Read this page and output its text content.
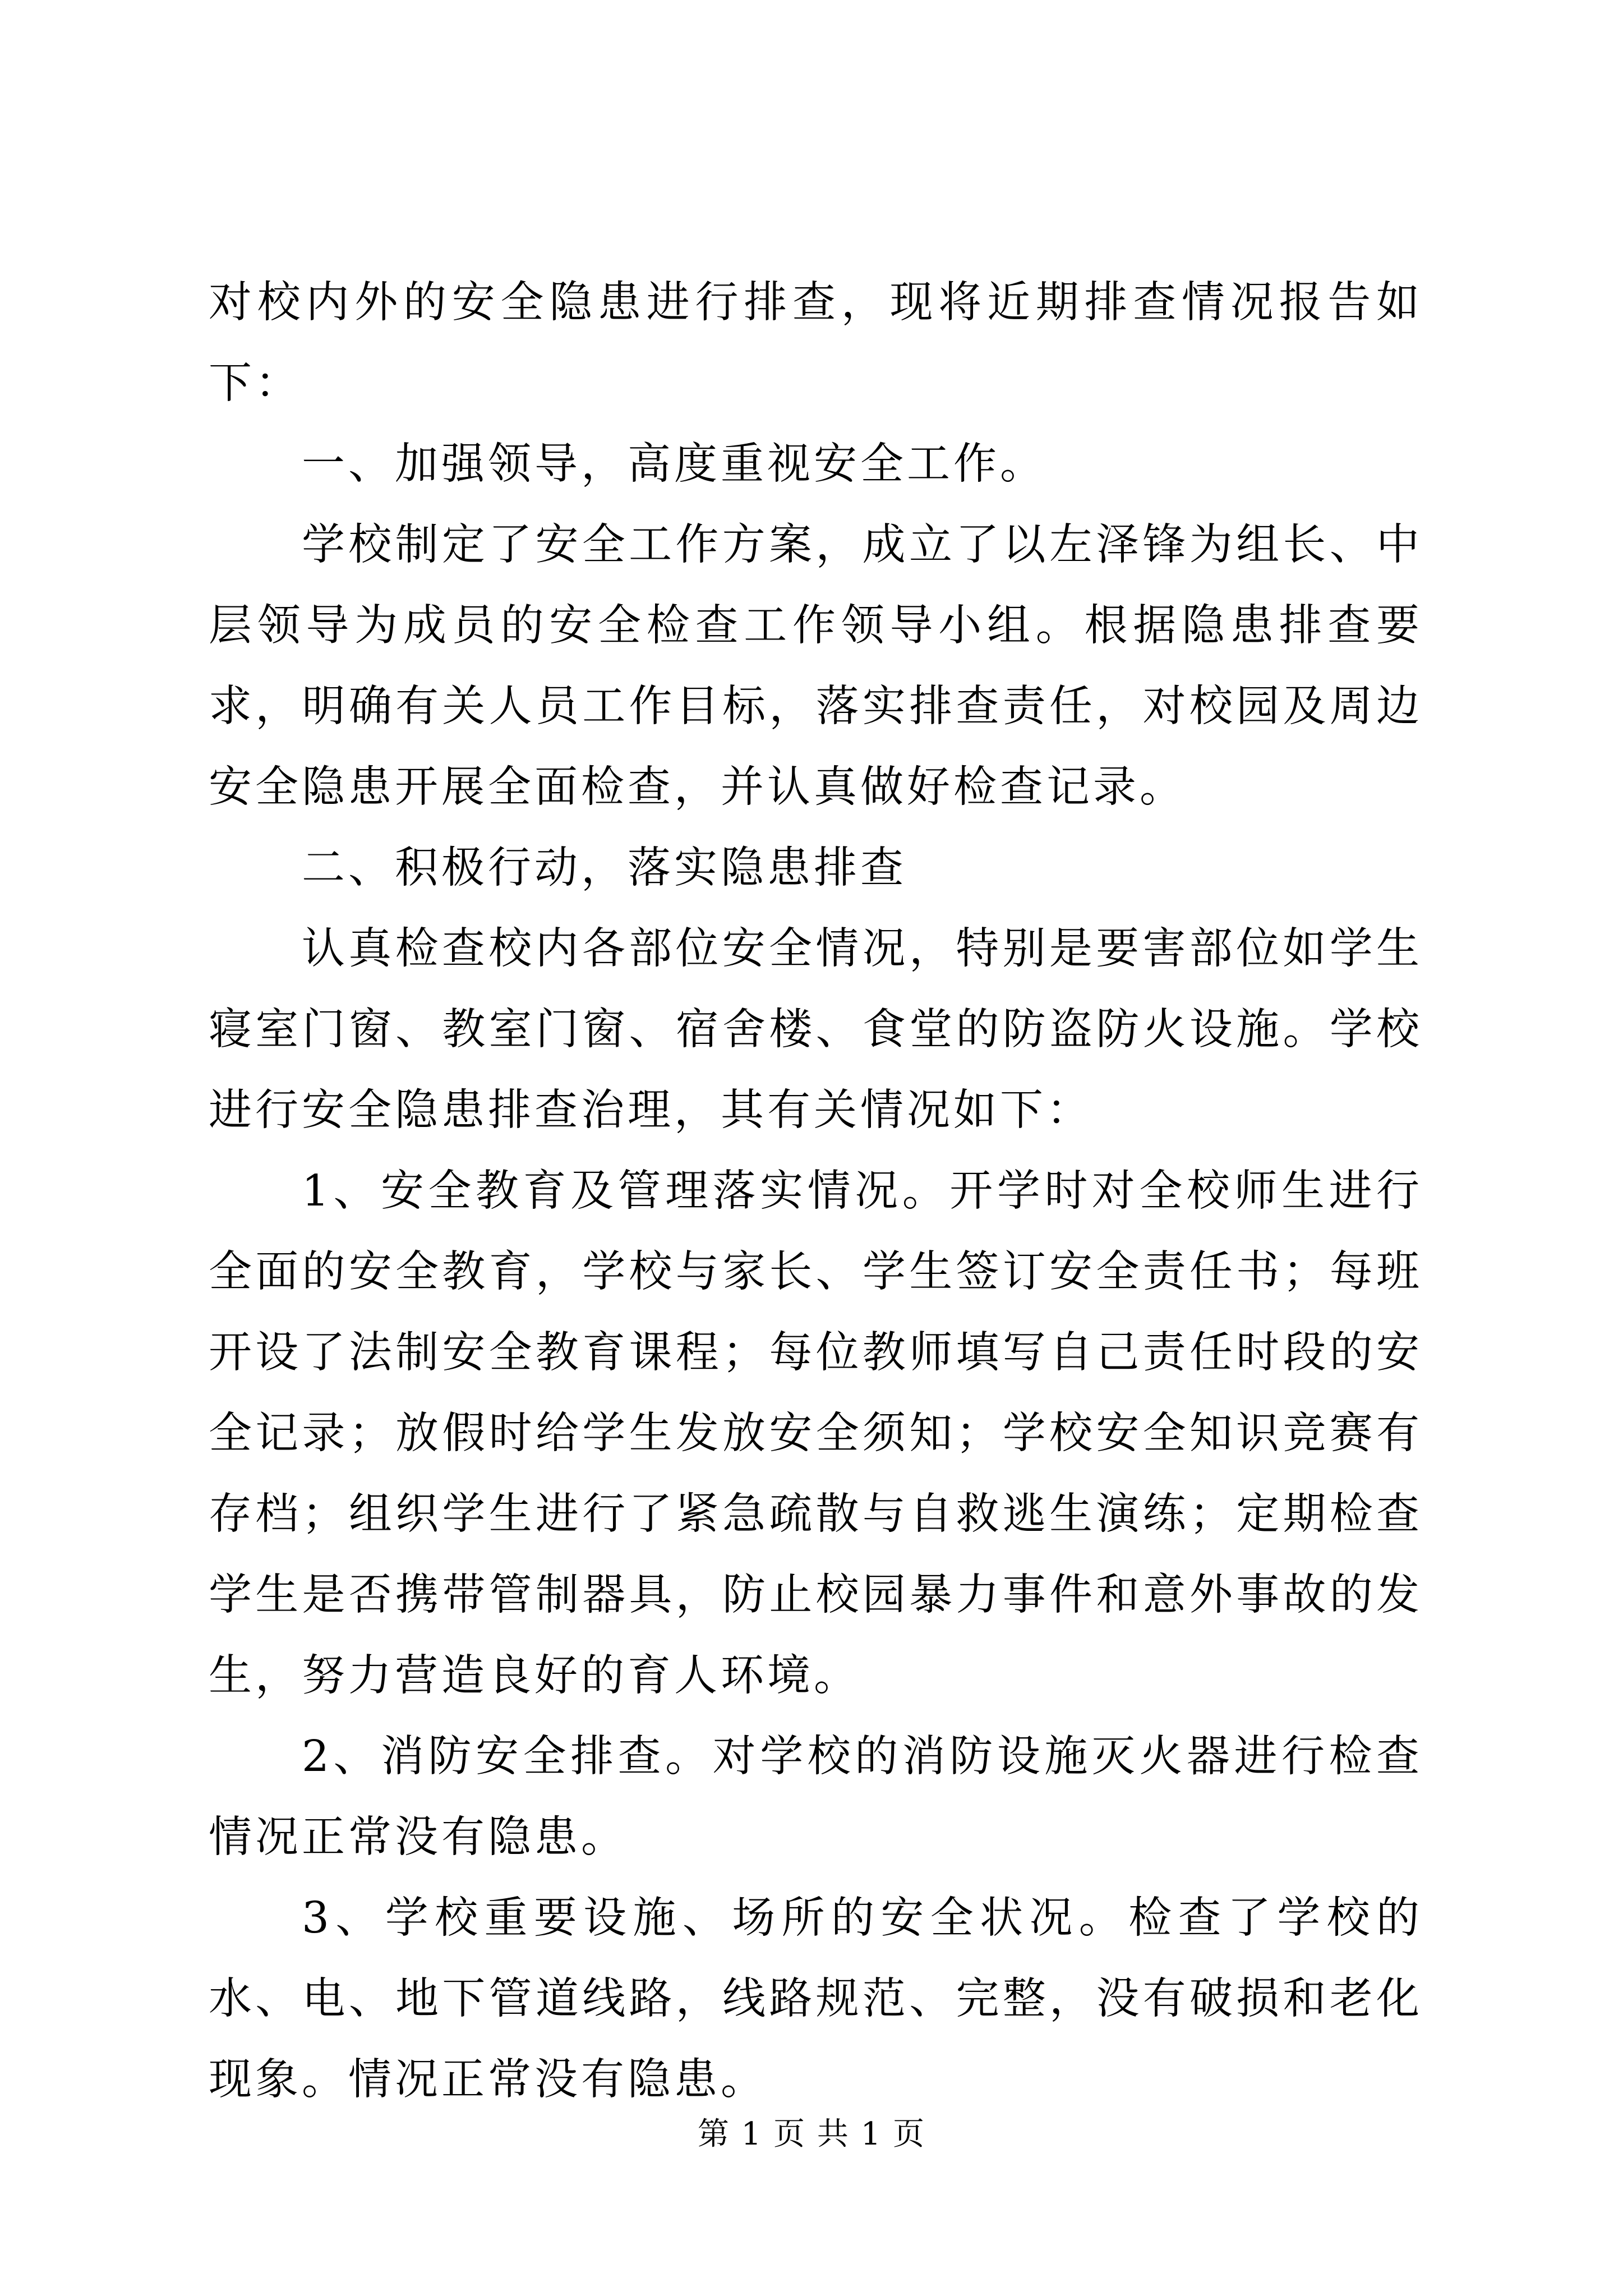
对校内外的安全隐患进行排查，现将近期排查情况报告如下：

一、加强领导，高度重视安全工作。

学校制定了安全工作方案，成立了以左泽锋为组长、中层领导为成员的安全检查工作领导小组。根据隐患排查要求，明确有关人员工作目标，落实排查责任，对校园及周边安全隐患开展全面检查，并认真做好检查记录。

二、积极行动，落实隐患排查

认真检查校内各部位安全情况，特别是要害部位如学生寝室门窗、教室门窗、宿舍楼、食堂的防盗防火设施。学校进行安全隐患排查治理，其有关情况如下：

1、安全教育及管理落实情况。开学时对全校师生进行全面的安全教育，学校与家长、学生签订安全责任书；每班开设了法制安全教育课程；每位教师填写自己责任时段的安全记录；放假时给学生发放安全须知；学校安全知识竞赛有存档；组织学生进行了紧急疏散与自救逃生演练；定期检查学生是否携带管制器具，防止校园暴力事件和意外事故的发生，努力营造良好的育人环境。

2、消防安全排查。对学校的消防设施灭火器进行检查情况正常没有隐患。

3、学校重要设施、场所的安全状况。检查了学校的水、电、地下管道线路，线路规范、完整，没有破损和老化现象。情况正常没有隐患。

第 1 页 共 1 页
